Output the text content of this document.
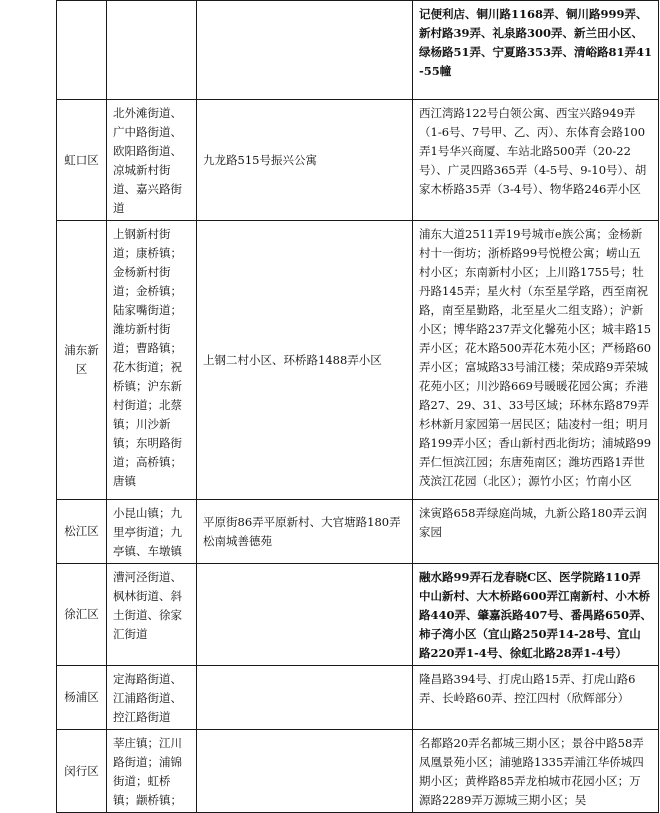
			记便利店、铜川路1168弄、铜川路999弄、新村路39弄、礼泉路300弄、新兰田小区、绿杨路51弄、宁夏路353弄、清峪路81弄41-55幢
虹口区	北外滩街道、广中路街道、欧阳路街道、凉城新村街道、嘉兴路街道	九龙路515号振兴公寓	西江湾路122号白领公寓、西宝兴路949弄（1-6号、7号甲、乙、丙）、东体育会路100弄1号华兴商厦、车站北路500弄（20-22号）、广灵四路365弄（4-5号、9-10号）、胡家木桥路35弄（3-4号）、物华路246弄小区
浦东新区	上钢新村街道；康桥镇；金杨新村街道；金桥镇；陆家嘴街道；潍坊新村街道；曹路镇；花木街道；祝桥镇；沪东新村街道；北蔡镇；川沙新镇；东明路街道；高桥镇；唐镇	上钢二村小区、环桥路1488弄小区	浦东大道2511弄19号城市e族公寓；金杨新村十一街坊；浙桥路99号悦橙公寓；崂山五村小区；东南新村小区；上川路1755号；牡丹路145弄；星火村（东至星学路，西至南祝路，南至星勤路，北至星火二组支路）；沪新小区；博华路237弄文化馨苑小区；城丰路15弄小区；花木路500弄花木苑小区；严杨路60弄小区；富城路33号浦江楼；荣成路9弄荣城花苑小区；川沙路669号暖暖花园公寓；乔港路27、29、31、33号区域；环林东路879弄杉林新月家园第一居民区；陆凌村一组；明月路199弄小区；香山新村西北街坊；浦城路99弄仁恒滨江园；东唐苑南区；潍坊西路1弄世茂滨江花园（北区）；源竹小区；竹南小区
松江区	小昆山镇；九里亭街道；九亭镇、车墩镇	平原街86弄平原新村、大官塘路180弄松南城善德苑	涞寅路658弄绿庭尚城，九新公路180弄云润家园
徐汇区	漕河泾街道、枫林街道、斜土街道、徐家汇街道		融水路99弄石龙春晓C区、医学院路110弄中山新村、大木桥路600弄江南新村、小木桥路440弄、肇嘉浜路407号、番禺路650弄、柿子湾小区（宜山路250弄14-28号、宜山路220弄1-4号、徐虹北路28弄1-4号）
杨浦区	定海路街道、江浦路街道、控江路街道		隆昌路394号、打虎山路15弄、打虎山路6弄、长岭路60弄、控江四村（欣辉部分）
闵行区	莘庄镇；江川路街道；浦锦街道；虹桥镇；颛桥镇；		名都路20弄名都城三期小区；景谷中路58弄凤凰景苑小区；浦驰路1335弄浦江华侨城四期小区；黄桦路85弄龙柏城市花园小区；万源路2289弄万源城三期小区；吴
